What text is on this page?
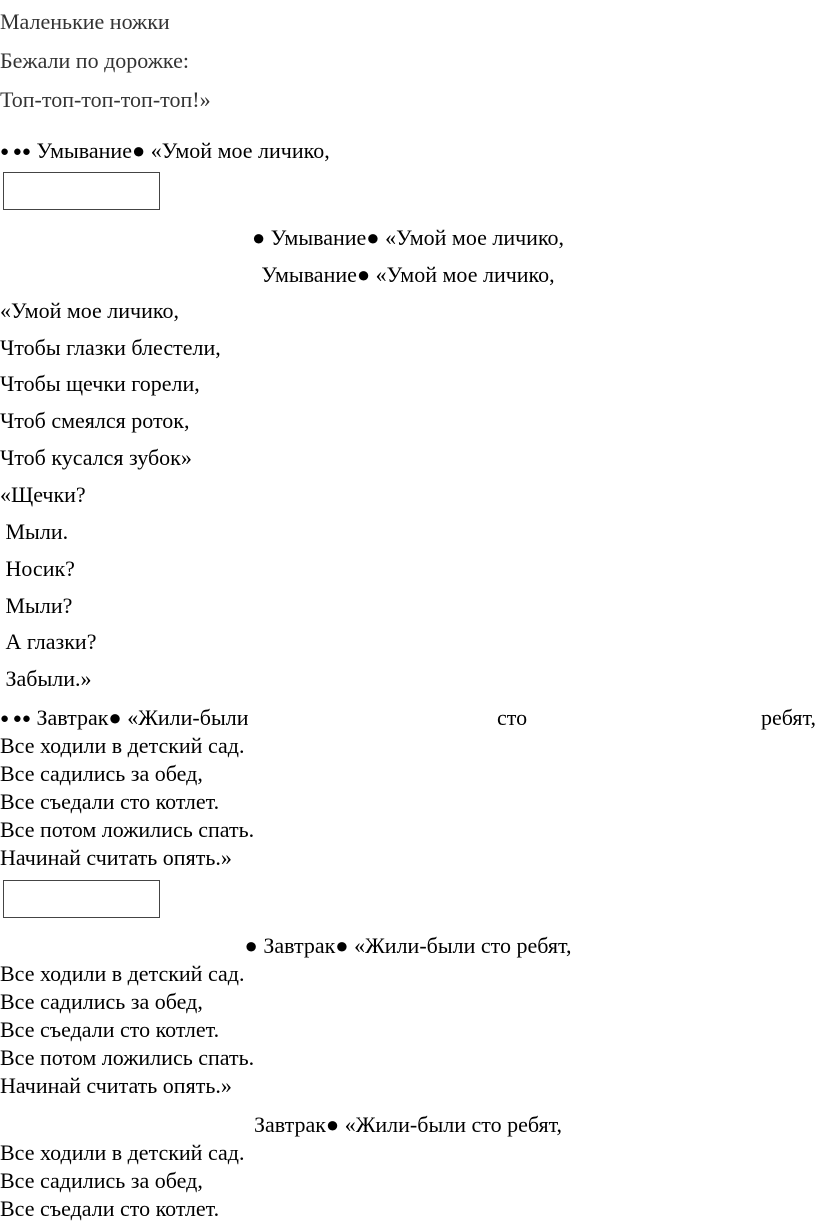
Маленькие ножки
Бежали по дорожке:
Топ-топ-топ-топ-топ!»
● ●● Умывание● «Умой мое личико,
● Умывание● «Умой мое личико,
Умывание● «Умой мое личико,
«Умой мое личико,
Чтобы глазки блестели,
Чтобы щечки горели,
Чтоб смеялся роток,
Чтоб кусался зубок»
«Щечки?
Мыли.
Носик?
Мыли?
А глазки?
Забыли.»
● ●● Завтрак● «Жили-были	сто	ребят,
Все ходили в детский сад.
Все садились за обед,
Все съедали сто котлет.
Все потом ложились спать.
Начинай считать опять.»
● Завтрак● «Жили-были сто ребят,
Все ходили в детский сад.
Все садились за обед,
Все съедали сто котлет.
Все потом ложились спать.
Начинай считать опять.»
Завтрак● «Жили-были сто ребят,
Все ходили в детский сад.
Все садились за обед,
Все съедали сто котлет.
